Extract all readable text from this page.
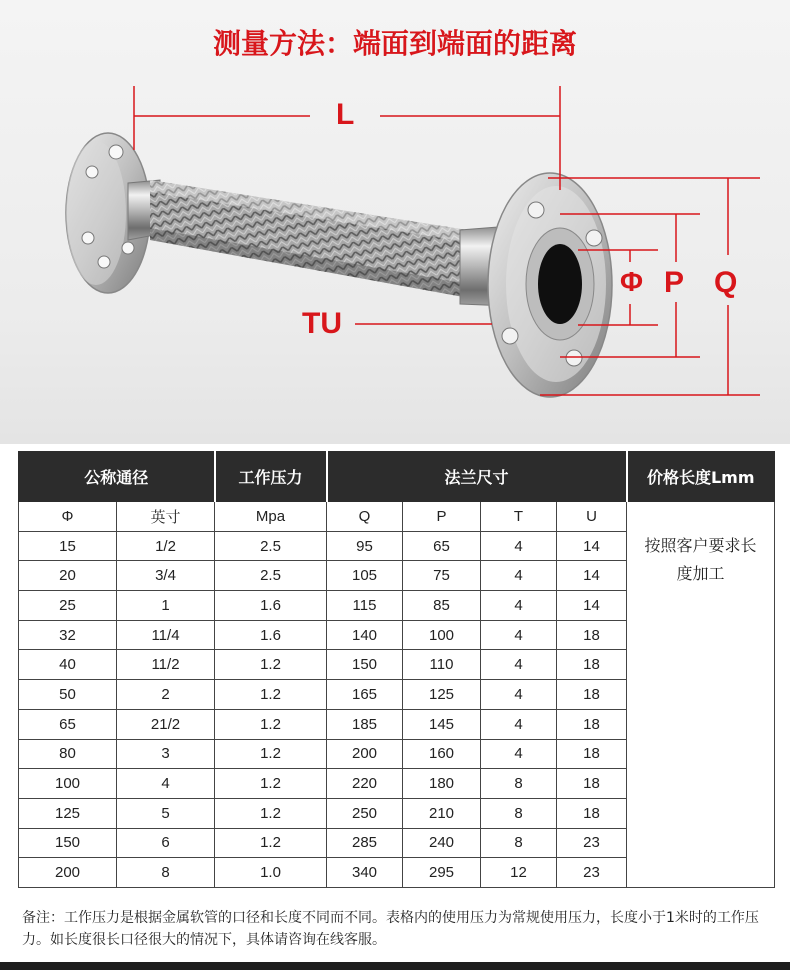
测量方法：端面到端面的距离
L
TU
Φ P Q
公称通径		工作压力	法兰尺寸				价格长度Lmm
Φ	英寸	Mpa	Q	P	T	U	按照客户要求长度加工

15	1/2	2.5	95	65	4	14	
20	3/4	2.5	105	75	4	14	
25	1	1.6	115	85	4	14	
32	11/4	1.6	140	100	4	18	
40	11/2	1.2	150	110	4	18	
50	2	1.2	165	125	4	18	
65	21/2	1.2	185	145	4	18	
80	3	1.2	200	160	4	18	
100	4	1.2	220	180	8	18	
125	5	1.2	250	210	8	18	
150	6	1.2	285	240	8	23	
200	8	1.0	340	295	12	23	
备注：工作压力是根据金属软管的口径和长度不同而不同。表格内的使用压力为常规使用压力，长度小于1米时的工作压力。如长度很长口径很大的情况下，具体请咨询在线客服。
